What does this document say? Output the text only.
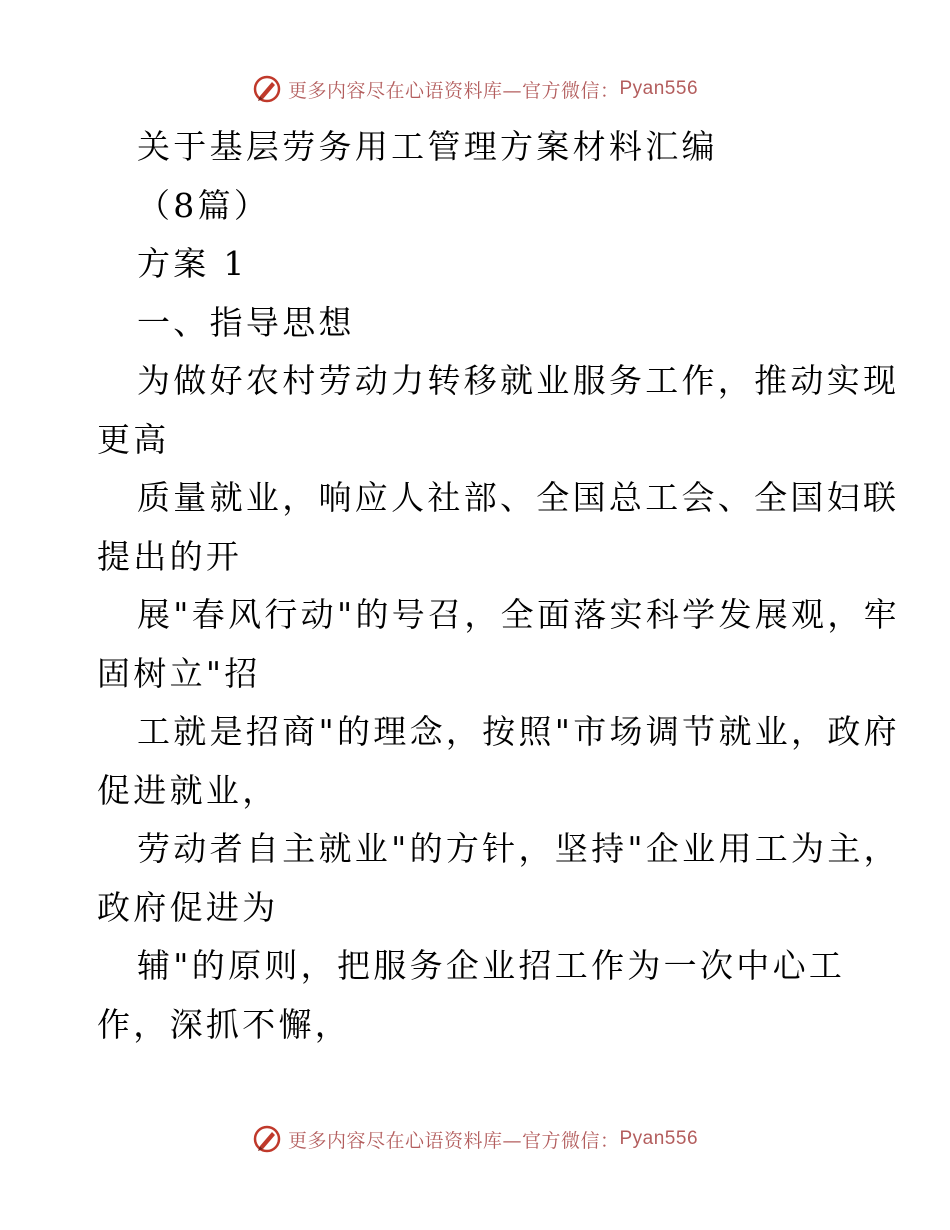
更多内容尽在心语资料库—官方微信： Pyan556
关于基层劳务用工管理方案材料汇编
（8篇）
方案 1
一、指导思想
为做好农村劳动力转移就业服务工作，推动实现
更高
质量就业，响应人社部、全国总工会、全国妇联
提出的开
展"春风行动"的号召，全面落实科学发展观，牢
固树立"招
工就是招商"的理念，按照"市场调节就业，政府
促进就业，
劳动者自主就业"的方针，坚持"企业用工为主，
政府促进为
辅"的原则，把服务企业招工作为一次中心工
作，深抓不懈，
更多内容尽在心语资料库—官方微信： Pyan556
